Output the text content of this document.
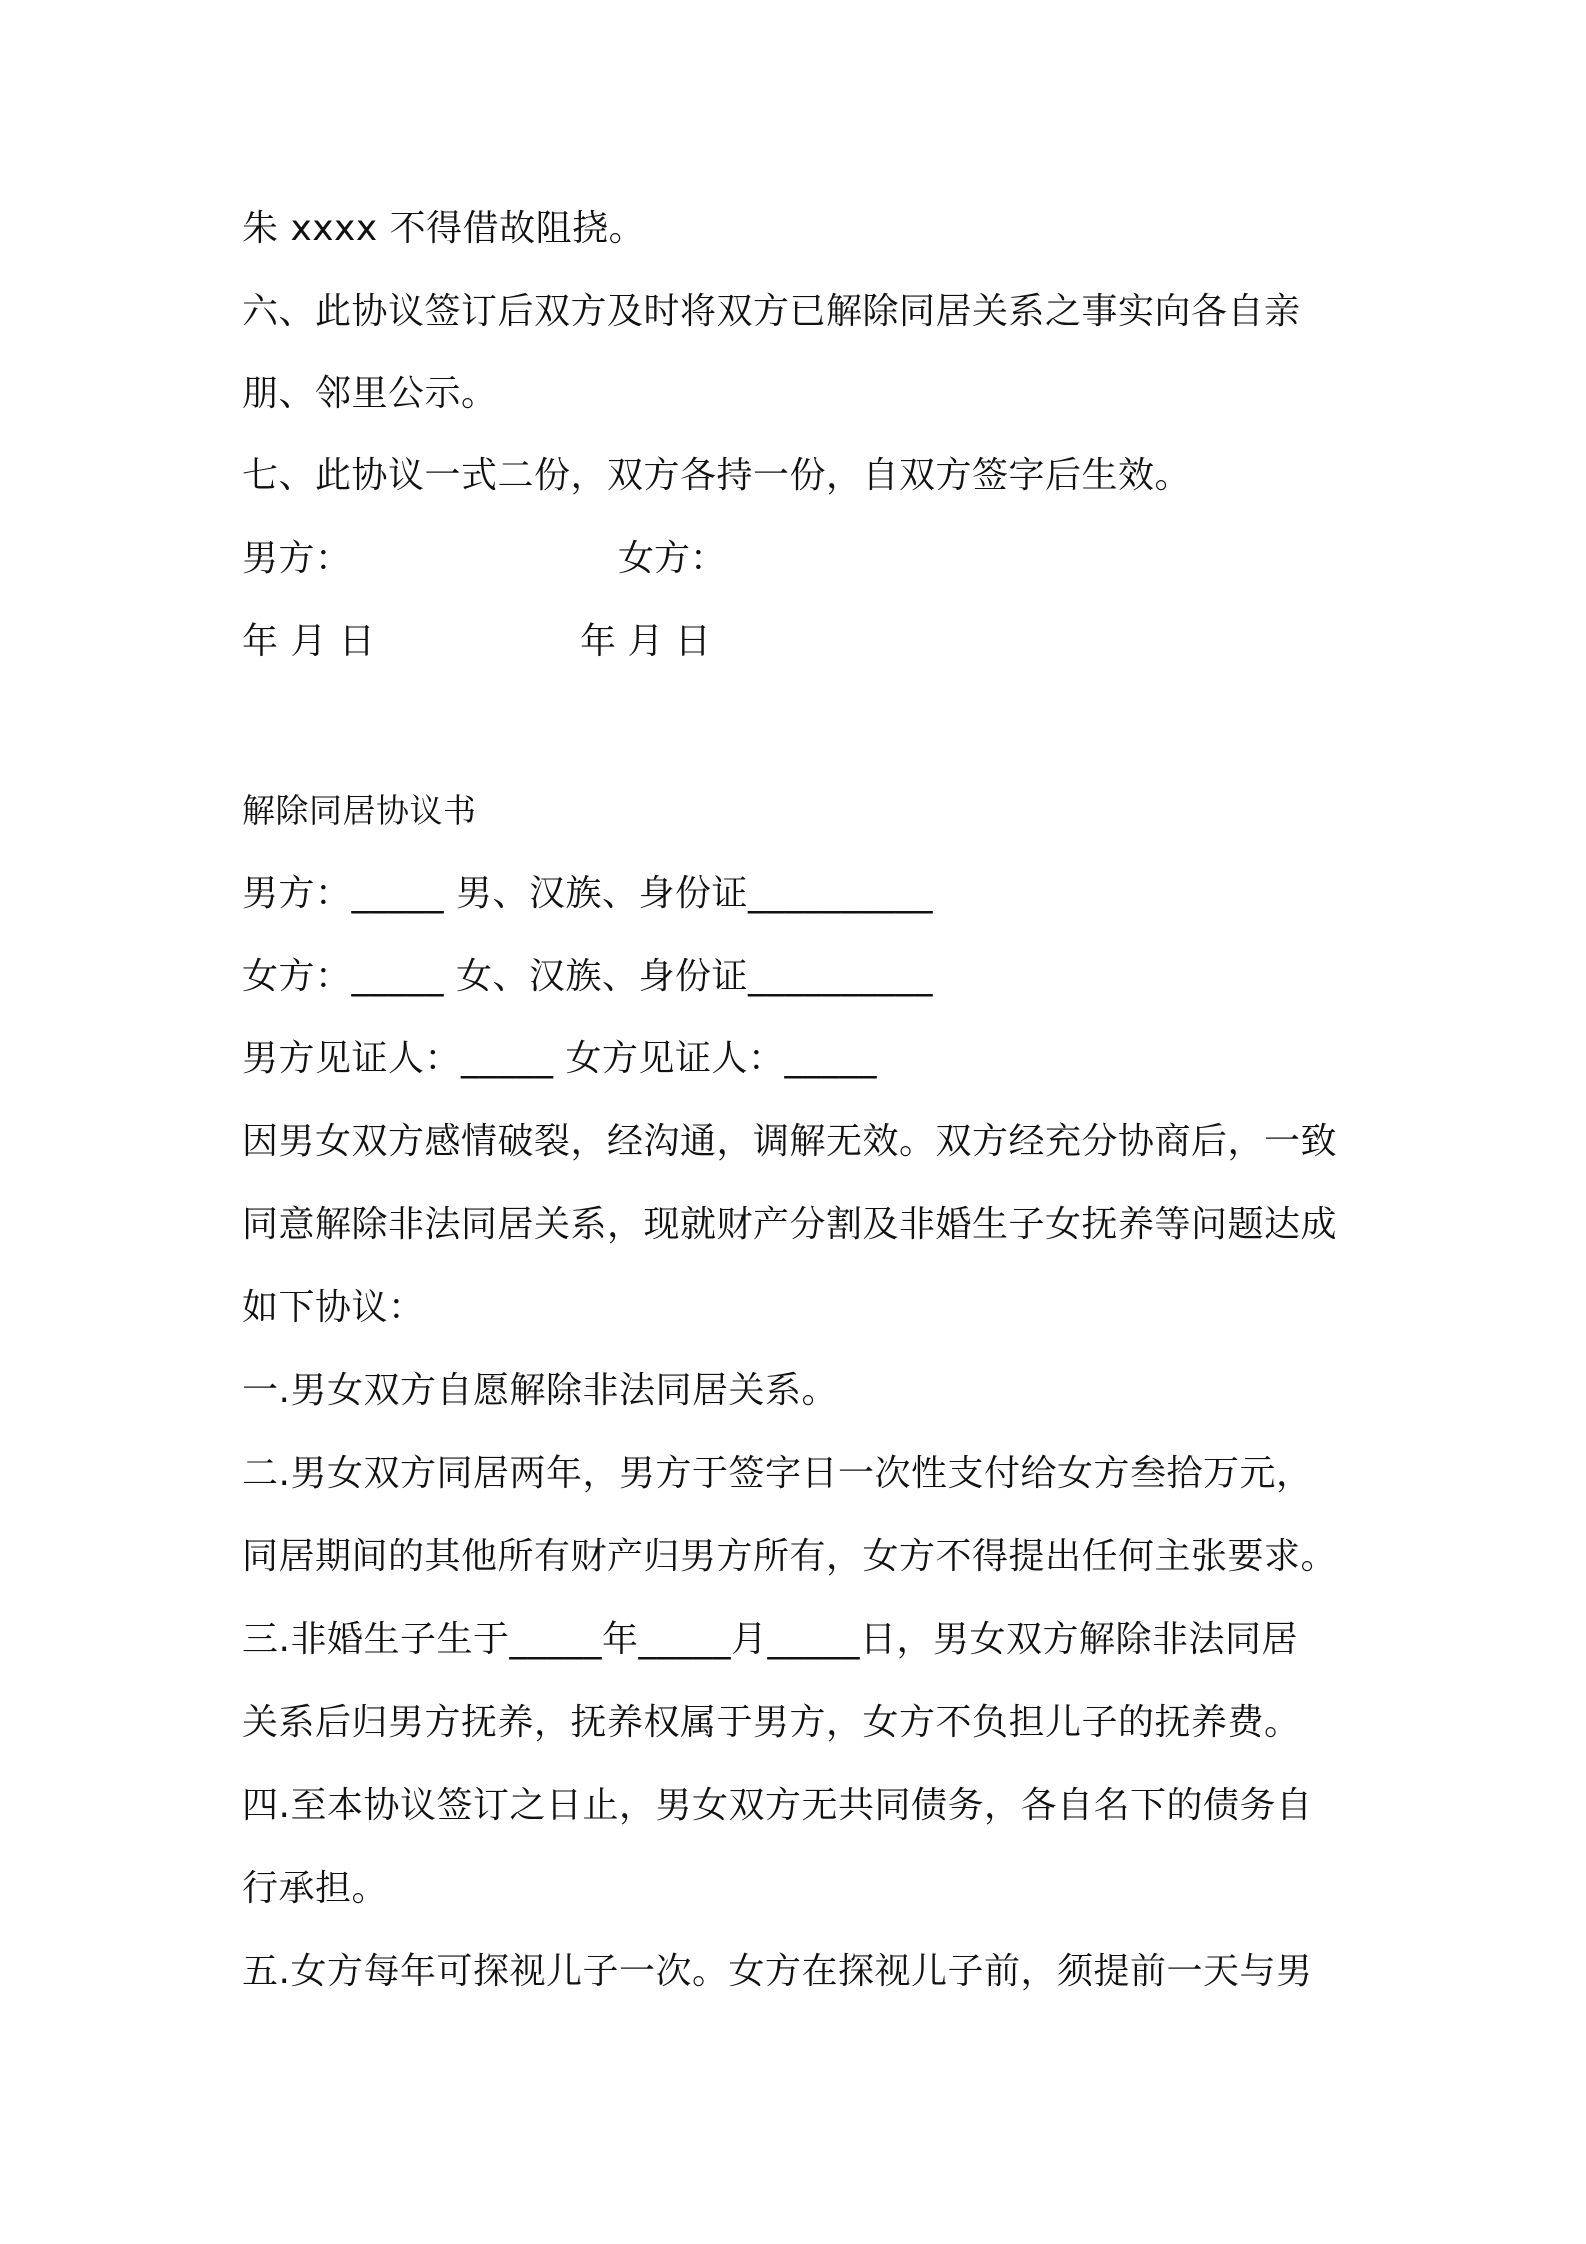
朱 xxxx 不得借故阻挠。
六、此协议签订后双方及时将双方已解除同居关系之事实向各自亲
朋、邻里公示。
七、此协议一式二份，双方各持一份，自双方签字后生效。
男方：	女方：
年 月 日	年 月 日
解除同居协议书
男方：_____ 男、汉族、身份证__________
女方：_____ 女、汉族、身份证__________
男方见证人：_____ 女方见证人：_____
因男女双方感情破裂，经沟通，调解无效。双方经充分协商后，一致
同意解除非法同居关系，现就财产分割及非婚生子女抚养等问题达成
如下协议：
一.男女双方自愿解除非法同居关系。
二.男女双方同居两年，男方于签字日一次性支付给女方叁拾万元，
同居期间的其他所有财产归男方所有，女方不得提出任何主张要求。
三.非婚生子生于_____年_____月_____日，男女双方解除非法同居
关系后归男方抚养，抚养权属于男方，女方不负担儿子的抚养费。
四.至本协议签订之日止，男女双方无共同债务，各自名下的债务自
行承担。
五.女方每年可探视儿子一次。女方在探视儿子前，须提前一天与男
